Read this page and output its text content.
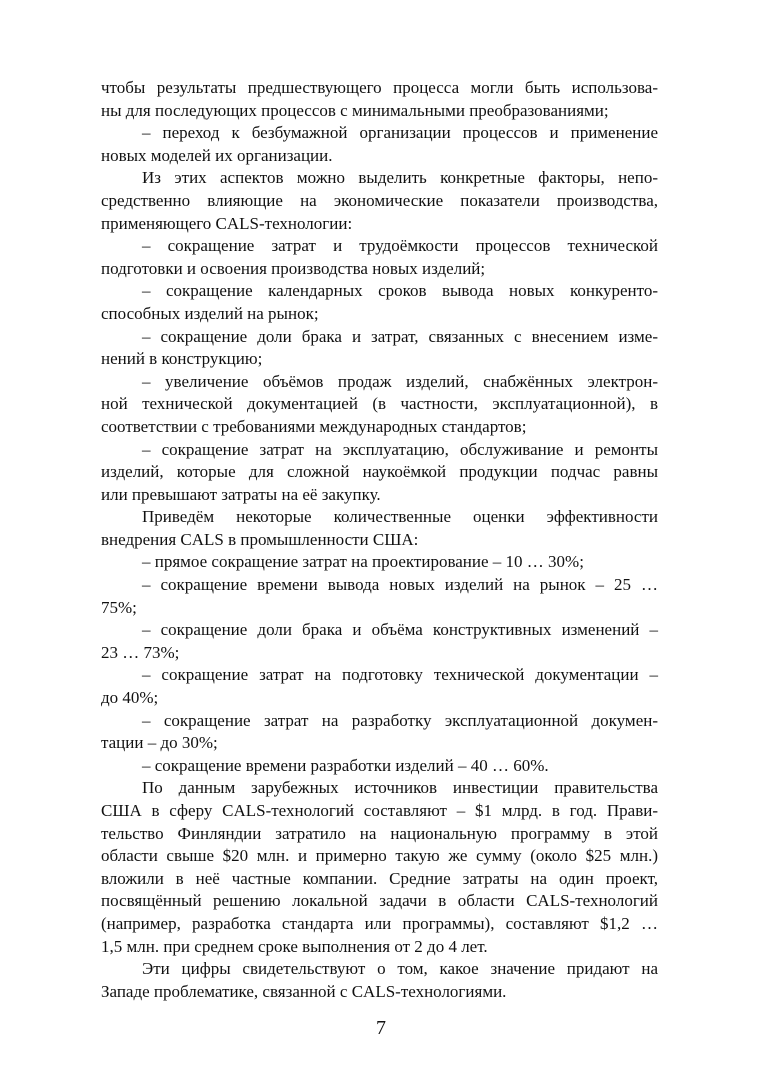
чтобы результаты предшествующего процесса могли быть использова-
ны для последующих процессов с минимальными преобразованиями;
– переход к безбумажной организации процессов и применение
новых моделей их организации.
Из этих аспектов можно выделить конкретные факторы, непо-
средственно влияющие на экономические показатели производства,
применяющего CALS-технологии:
– сокращение затрат и трудоёмкости процессов технической
подготовки и освоения производства новых изделий;
– сокращение календарных сроков вывода новых конкуренто-
способных изделий на рынок;
– сокращение доли брака и затрат, связанных с внесением изме-
нений в конструкцию;
– увеличение объёмов продаж изделий, снабжённых электрон-
ной технической документацией (в частности, эксплуатационной), в
соответствии с требованиями международных стандартов;
– сокращение затрат на эксплуатацию, обслуживание и ремонты
изделий, которые для сложной наукоёмкой продукции подчас равны
или превышают затраты на её закупку.
Приведём некоторые количественные оценки эффективности
внедрения CALS в промышленности США:
– прямое сокращение затрат на проектирование – 10 … 30%;
– сокращение времени вывода новых изделий на рынок – 25 …
75%;
– сокращение доли брака и объёма конструктивных изменений –
23 … 73%;
– сокращение затрат на подготовку технической документации –
до 40%;
– сокращение затрат на разработку эксплуатационной докумен-
тации – до 30%;
– сокращение времени разработки изделий – 40 … 60%.
По данным зарубежных источников инвестиции правительства
США в сферу CALS-технологий составляют – $1 млрд. в год. Прави-
тельство Финляндии затратило на национальную программу в этой
области свыше $20 млн. и примерно такую же сумму (около $25 млн.)
вложили в неё частные компании. Средние затраты на один проект,
посвящённый решению локальной задачи в области CALS-технологий
(например, разработка стандарта или программы), составляют $1,2 …
1,5 млн. при среднем сроке выполнения от 2 до 4 лет.
Эти цифры свидетельствуют о том, какое значение придают на
Западе проблематике, связанной с CALS-технологиями.
7
